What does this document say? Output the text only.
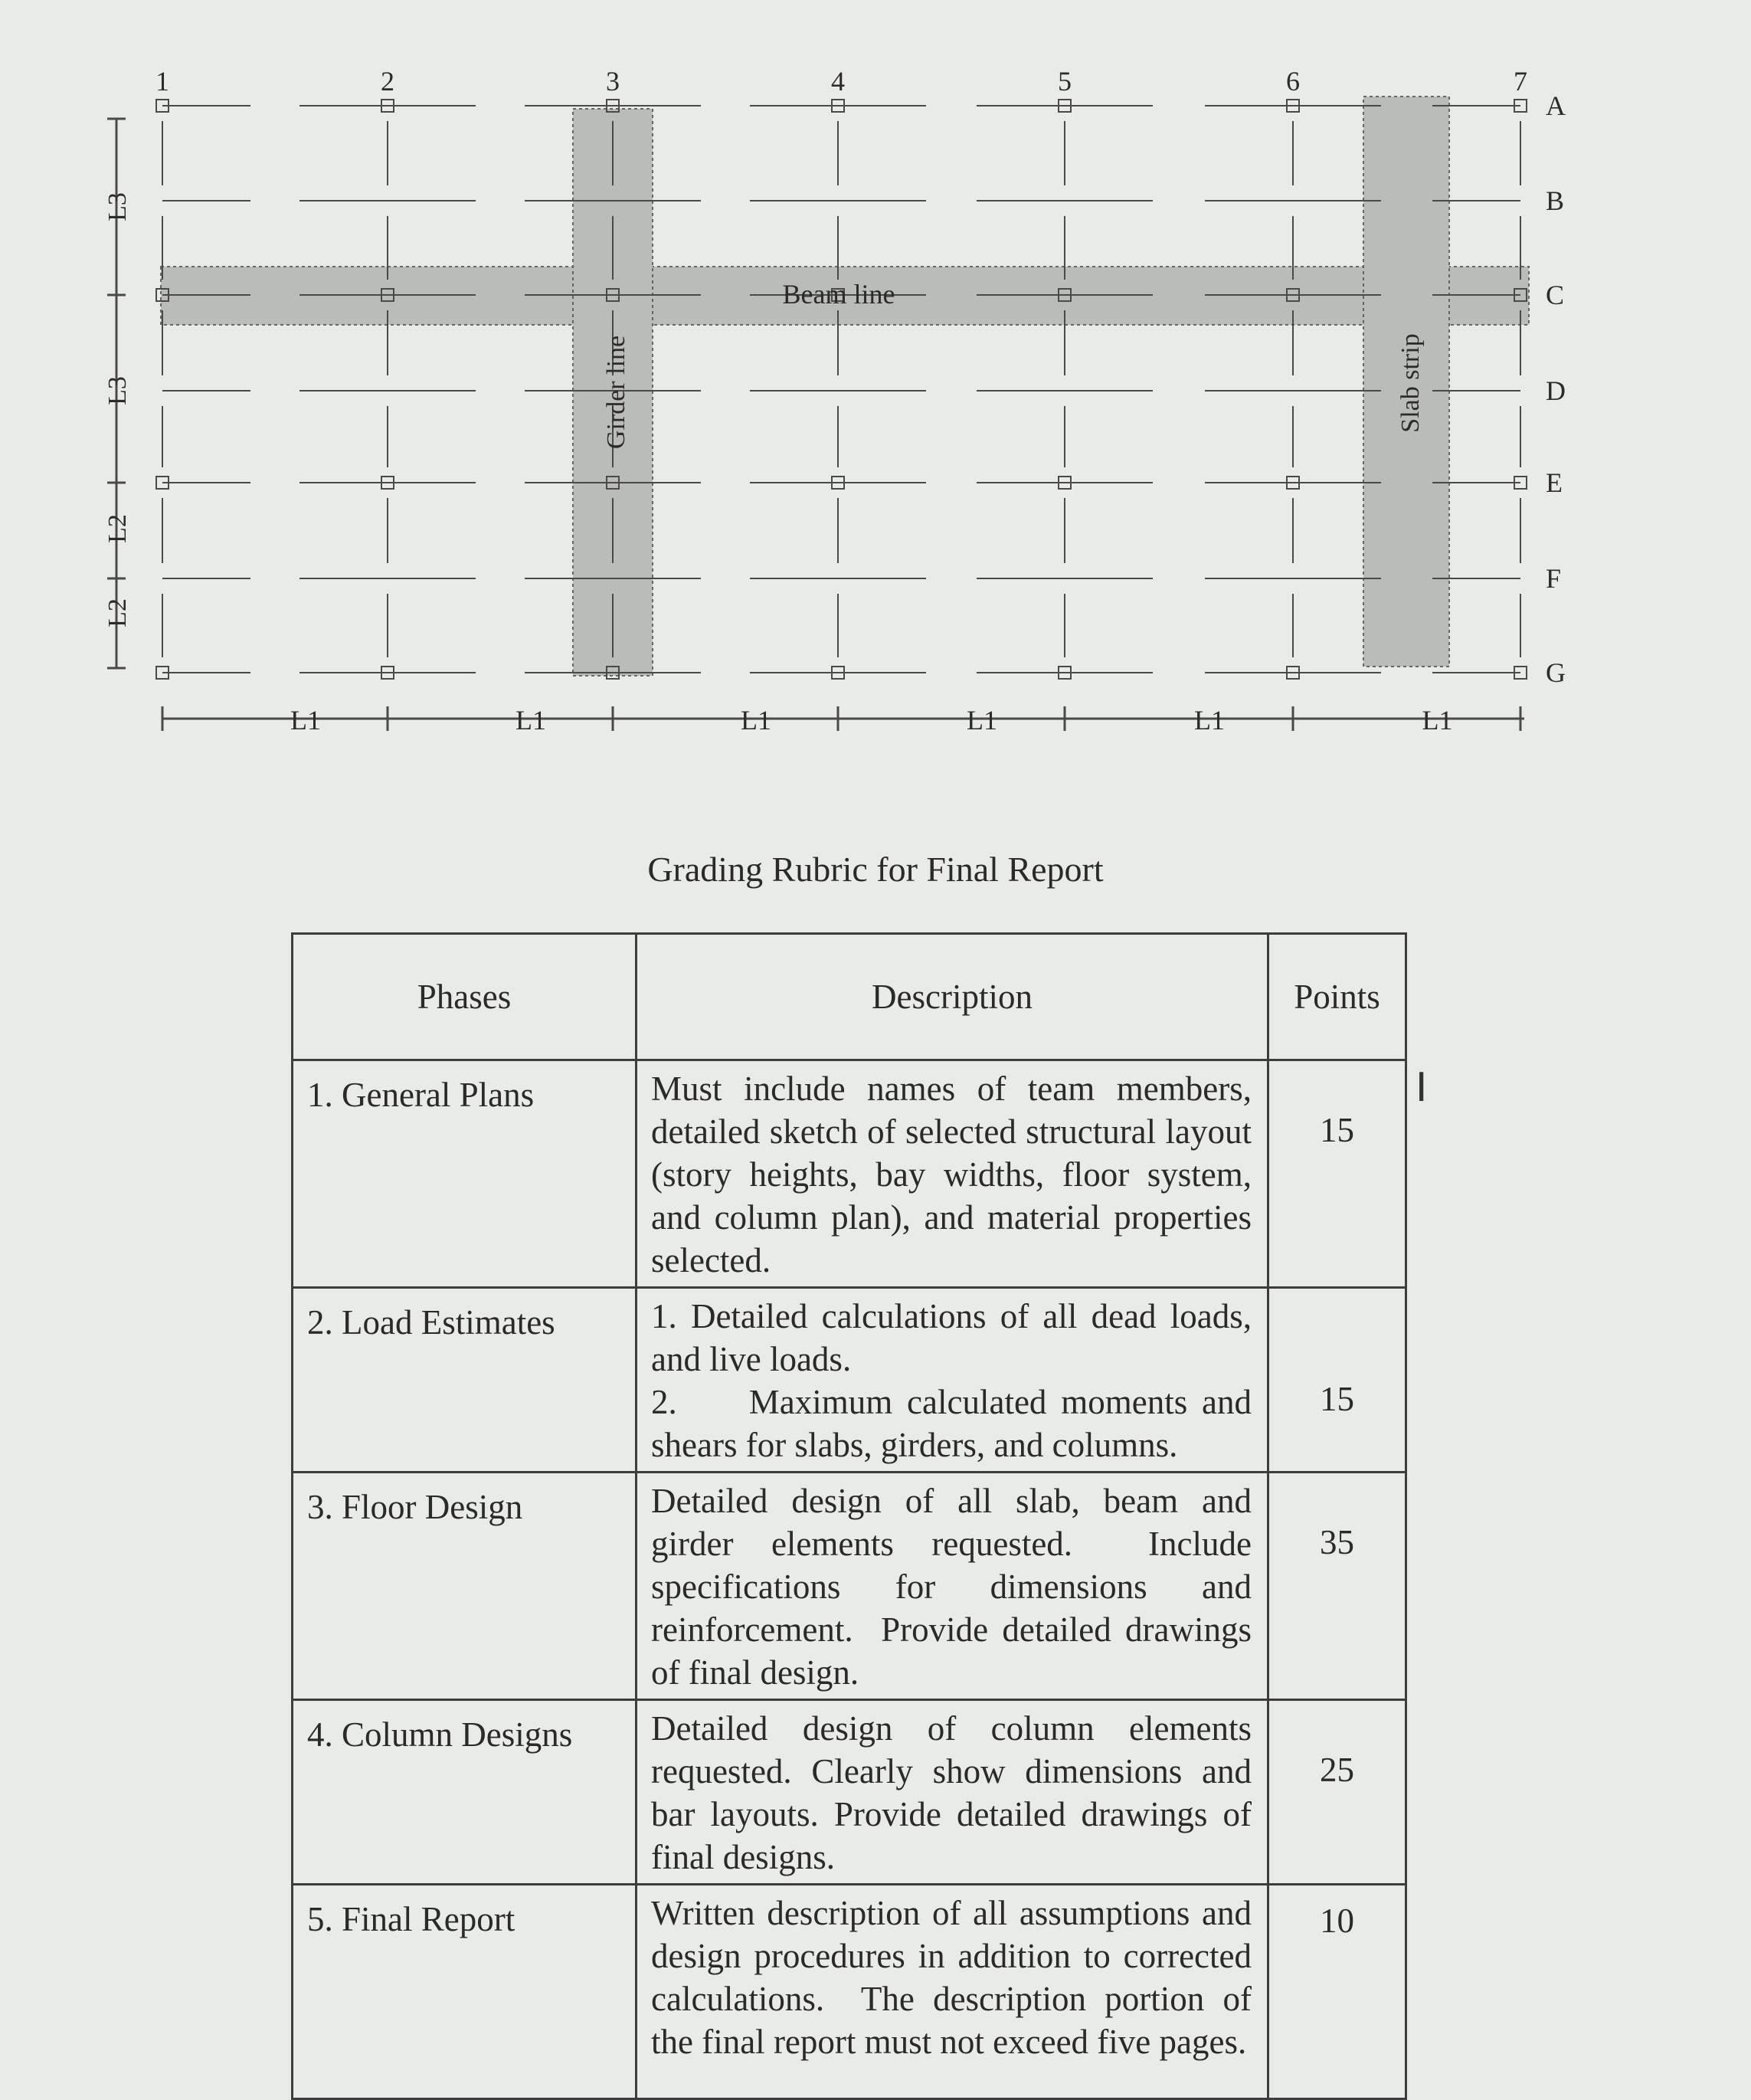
L1	L1	L1	L1	L1	L1
L3
L3
L2
L2
1	2	3	4	5	6	7
A
B
C
D
E
F
G
Beam line
Girder line	Slab strip
Grading Rubric for Final Report
Phases	Description	Points
1. General Plans	Must include names of team members, detailed sketch of selected structural layout (story heights, bay widths, floor system, and column plan), and material properties selected.	15
2. Load Estimates	1. Detailed calculations of all dead loads, and live loads.
2.     Maximum calculated moments and shears for slabs, girders, and columns.	15
3. Floor Design	Detailed design of all slab, beam and girder elements requested.  Include specifications for dimensions and reinforcement.  Provide detailed drawings of final design.	35
4. Column Designs	Detailed design of column elements requested. Clearly show dimensions and bar layouts. Provide detailed drawings of final designs.	25
5. Final Report	Written description of all assumptions and design procedures in addition to corrected calculations.  The description portion of the final report must not exceed five pages.	10
I
